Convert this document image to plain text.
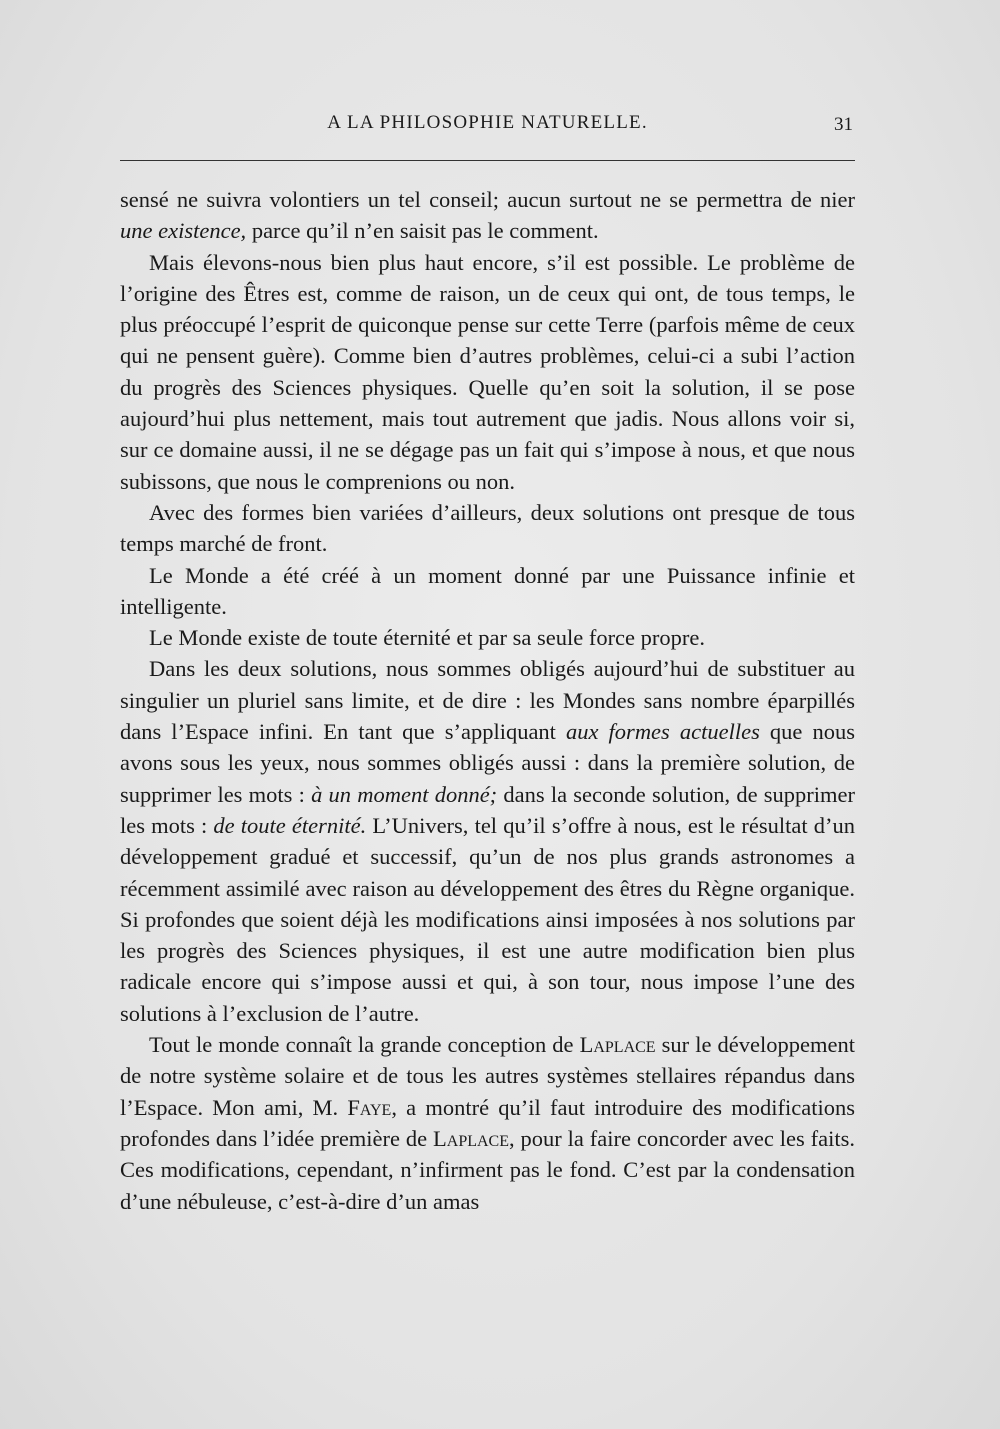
A LA PHILOSOPHIE NATURELLE.	31

sensé ne suivra volontiers un tel conseil; aucun surtout ne se permettra de nier une existence, parce qu’il n’en saisit pas le comment.

Mais élevons-nous bien plus haut encore, s’il est possible. Le problème de l’origine des Êtres est, comme de raison, un de ceux qui ont, de tous temps, le plus préoccupé l’esprit de quiconque pense sur cette Terre (parfois même de ceux qui ne pensent guère). Comme bien d’autres problèmes, celui-ci a subi l’action du progrès des Sciences physiques. Quelle qu’en soit la solution, il se pose aujourd’hui plus nettement, mais tout autrement que jadis. Nous allons voir si, sur ce domaine aussi, il ne se dégage pas un fait qui s’impose à nous, et que nous subissons, que nous le comprenions ou non.

Avec des formes bien variées d’ailleurs, deux solutions ont presque de tous temps marché de front.

Le Monde a été créé à un moment donné par une Puissance infinie et intelligente.

Le Monde existe de toute éternité et par sa seule force propre.

Dans les deux solutions, nous sommes obligés aujourd’hui de substituer au singulier un pluriel sans limite, et de dire : les Mondes sans nombre éparpillés dans l’Espace infini. En tant que s’appliquant aux formes actuelles que nous avons sous les yeux, nous sommes obligés aussi : dans la première solution, de supprimer les mots : à un moment donné; dans la seconde solution, de supprimer les mots : de toute éternité. L’Univers, tel qu’il s’offre à nous, est le résultat d’un développement gradué et successif, qu’un de nos plus grands astronomes a récemment assimilé avec raison au développement des êtres du Règne organique. Si profondes que soient déjà les modifications ainsi imposées à nos solutions par les progrès des Sciences physiques, il est une autre modification bien plus radicale encore qui s’impose aussi et qui, à son tour, nous impose l’une des solutions à l’exclusion de l’autre.

Tout le monde connaît la grande conception de Laplace sur le développement de notre système solaire et de tous les autres systèmes stellaires répandus dans l’Espace. Mon ami, M. Faye, a montré qu’il faut introduire des modifications profondes dans l’idée première de Laplace, pour la faire concorder avec les faits. Ces modifications, cependant, n’infirment pas le fond. C’est par la condensation d’une nébuleuse, c’est-à-dire d’un amas
